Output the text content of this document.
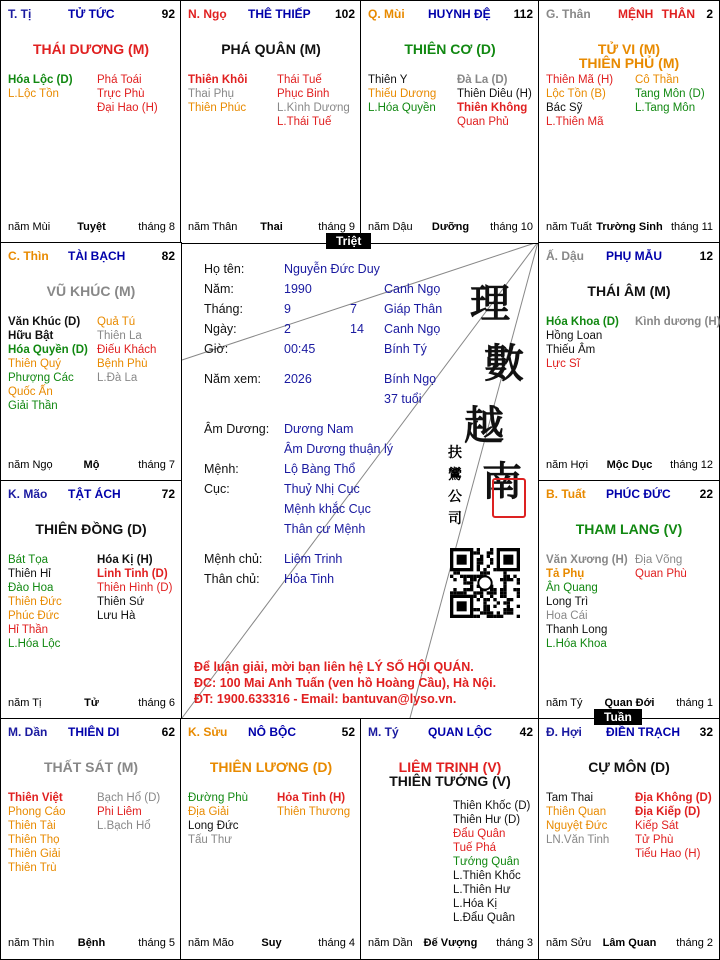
T. Tị	TỬ TỨC	92
THÁI DƯƠNG (M)
Hóa Lộc (D)
L.Lộc Tồn
Phá Toái
Trực Phù
Đại Hao (H)
năm Mùi	Tuyệt	tháng 8
N. Ngọ THÊ THIẾP 102
PHÁ QUÂN (M)
Thiên Khôi
Thai Phụ
Thiên Phúc
Thái Tuế
Phục Binh
L.Kình Dương
L.Thái Tuế
năm Thân	Thai	tháng 9
Q. Mùi HUYNH ĐỆ 112
THIÊN CƠ (D)
Thiên Y
Thiếu Dương
L.Hóa Quyền
Đà La (D)
Thiên Diêu (H)
Thiên Không
Quan Phủ
năm Dậu	Dưỡng	tháng 10
G. Thân MỆNH THÂN 2
TỬ VI (M)
THIÊN PHỦ (M)
Thiên Mã (H)
Lộc Tồn (B)
Bác Sỹ
L.Thiên Mã
Cô Thần
Tang Môn (D)
L.Tang Môn
năm Tuất Trường Sinh tháng 11
C. Thìn TÀI BẠCH	82
VŨ KHÚC (M)
Văn Khúc (D)
Hữu Bật
Hóa Quyền (D)
Thiên Quý
Phượng Các
Quốc Ấn
Giải Thần
Quả Tú
Thiên La
Điếu Khách
Bệnh Phù
L.Đà La
năm Ngọ	Mộ	tháng 7
Ấ. Dậu PHỤ MẪU	12
THÁI ÂM (M)
Hóa Khoa (D)
Hồng Loan
Thiếu Âm
Lực Sĩ
Kình dương (H)
năm Hợi	Mộc Dục	tháng 12
K. Mão TẬT ÁCH	72
THIÊN ĐỒNG (D)
Bát Tọa
Thiên Hỉ
Đào Hoa
Thiên Đức
Phúc Đức
Hỉ Thần
L.Hóa Lộc
Hóa Kị (H)
Linh Tinh (D)
Thiên Hình (D)
Thiên Sứ
Lưu Hà
năm Tị	Tử	tháng 6
B. Tuất PHÚC ĐỨC 22
THAM LANG (V)
Văn Xương (H)
Tả Phụ
Ân Quang
Long Trì
Hoa Cái
Thanh Long
L.Hóa Khoa
Địa Võng
Quan Phù
năm Tý	Quan Đới	tháng 1
M. Dần THIÊN DI	62
THẤT SÁT (M)
Thiên Việt
Phong Cáo
Thiên Tài
Thiên Thọ
Thiên Giải
Thiên Trù
Bạch Hổ (D)
Phi Liêm
L.Bạch Hổ
năm Thìn	Bệnh	tháng 5
K. Sửu NÔ BỘC	52
THIÊN LƯƠNG (D)
Đường Phù
Địa Giải
Long Đức
Tấu Thư
Hỏa Tinh (H)
Thiên Thương
năm Mão	Suy	tháng 4
M. Tý QUAN LỘC 42
LIÊM TRINH (V)
THIÊN TƯỚNG (V)
Thiên Khốc (D)
Thiên Hư (D)
Đẩu Quân
Tuế Phá
Tướng Quân
L.Thiên Khốc
L.Thiên Hư
L.Hóa Kị
L.Đẩu Quân
năm Dần	Đế Vượng	tháng 3
Đ. Hợi ĐIỀN TRẠCH 32
CỰ MÔN (D)
Tam Thai
Thiên Quan
Nguyệt Đức
LN.Văn Tinh
Địa Không (D)
Địa Kiếp (D)
Kiếp Sát
Tử Phù
Tiểu Hao (H)
năm Sửu	Lâm Quan	tháng 2
Họ tên:	Nguyễn Đức Duy
Năm:	1990	Canh Ngọ
Tháng:	9	7 Giáp Thân
Ngày:	2	14 Canh Ngọ
Giờ:	00:45	Bính Tý
Năm xem: 2026	Bính Ngọ
37 tuổi
Âm Dương: Dương Nam
Âm Dương thuận lý
Mệnh:	Lộ Bàng Thổ
Cục:	Thuỷ Nhị Cục
Mệnh khắc Cục
Thân cư Mệnh
Mệnh chủ: Liêm Trinh
Thân chủ: Hỏa Tinh
理
數
越
南
扶
鸞
公
司
Để luận giải, mời bạn liên hệ LÝ SỐ HỘI QUÁN.
ĐC: 100 Mai Anh Tuấn (ven hồ Hoàng Cầu), Hà Nội.
ĐT: 1900.633316 - Email: bantuvan@lyso.vn.
Triệt
Tuần
